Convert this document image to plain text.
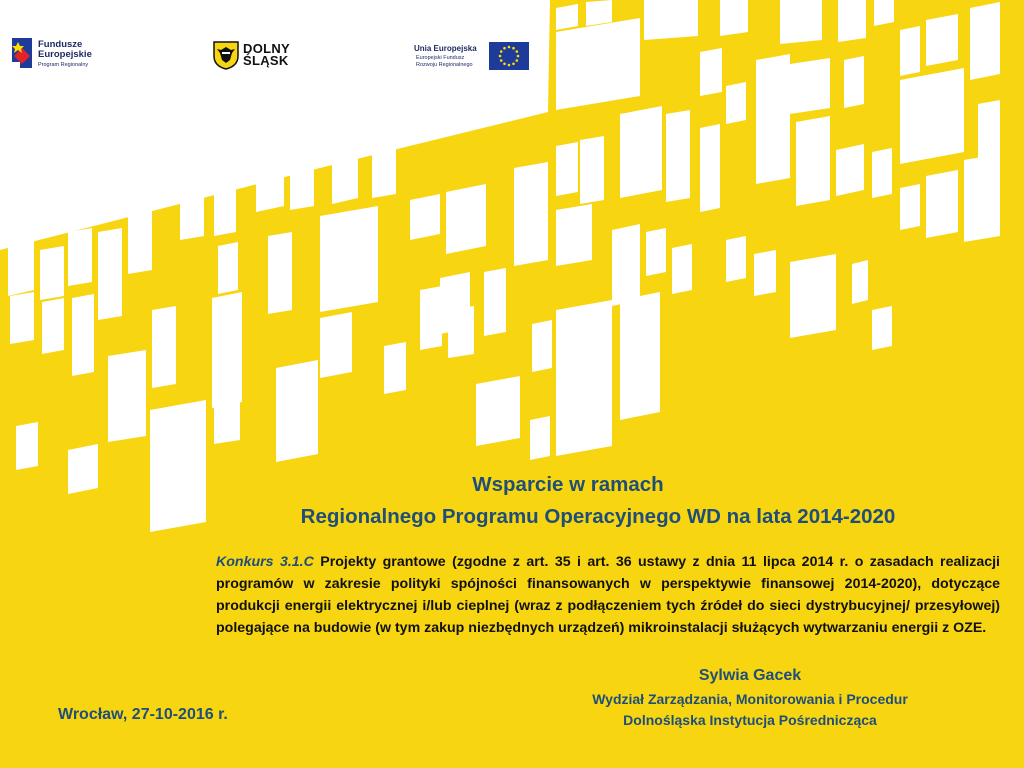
Fundusze
Europejskie
Program Regionalny
DOLNY
ŚLĄSK
Unia Europejska
Europejski Fundusz
Rozwoju Regionalnego
Wsparcie w ramach
Regionalnego Programu Operacyjnego WD na lata 2014-2020
Konkurs 3.1.C Projekty grantowe (zgodne z art. 35 i art. 36 ustawy z dnia 11 lipca 2014 r. o zasadach realizacji programów w zakresie polityki spójności finansowanych w perspektywie finansowej 2014-2020), dotyczące produkcji energii elektrycznej i/lub cieplnej (wraz z podłączeniem tych źródeł do sieci dystrybucyjnej/ przesyłowej) polegające na budowie (w tym zakup niezbędnych urządzeń) mikroinstalacji służących wytwarzaniu energii z OZE.
Sylwia Gacek
Wydział Zarządzania, Monitorowania i Procedur
Dolnośląska Instytucja Pośrednicząca
Wrocław, 27-10-2016 r.
